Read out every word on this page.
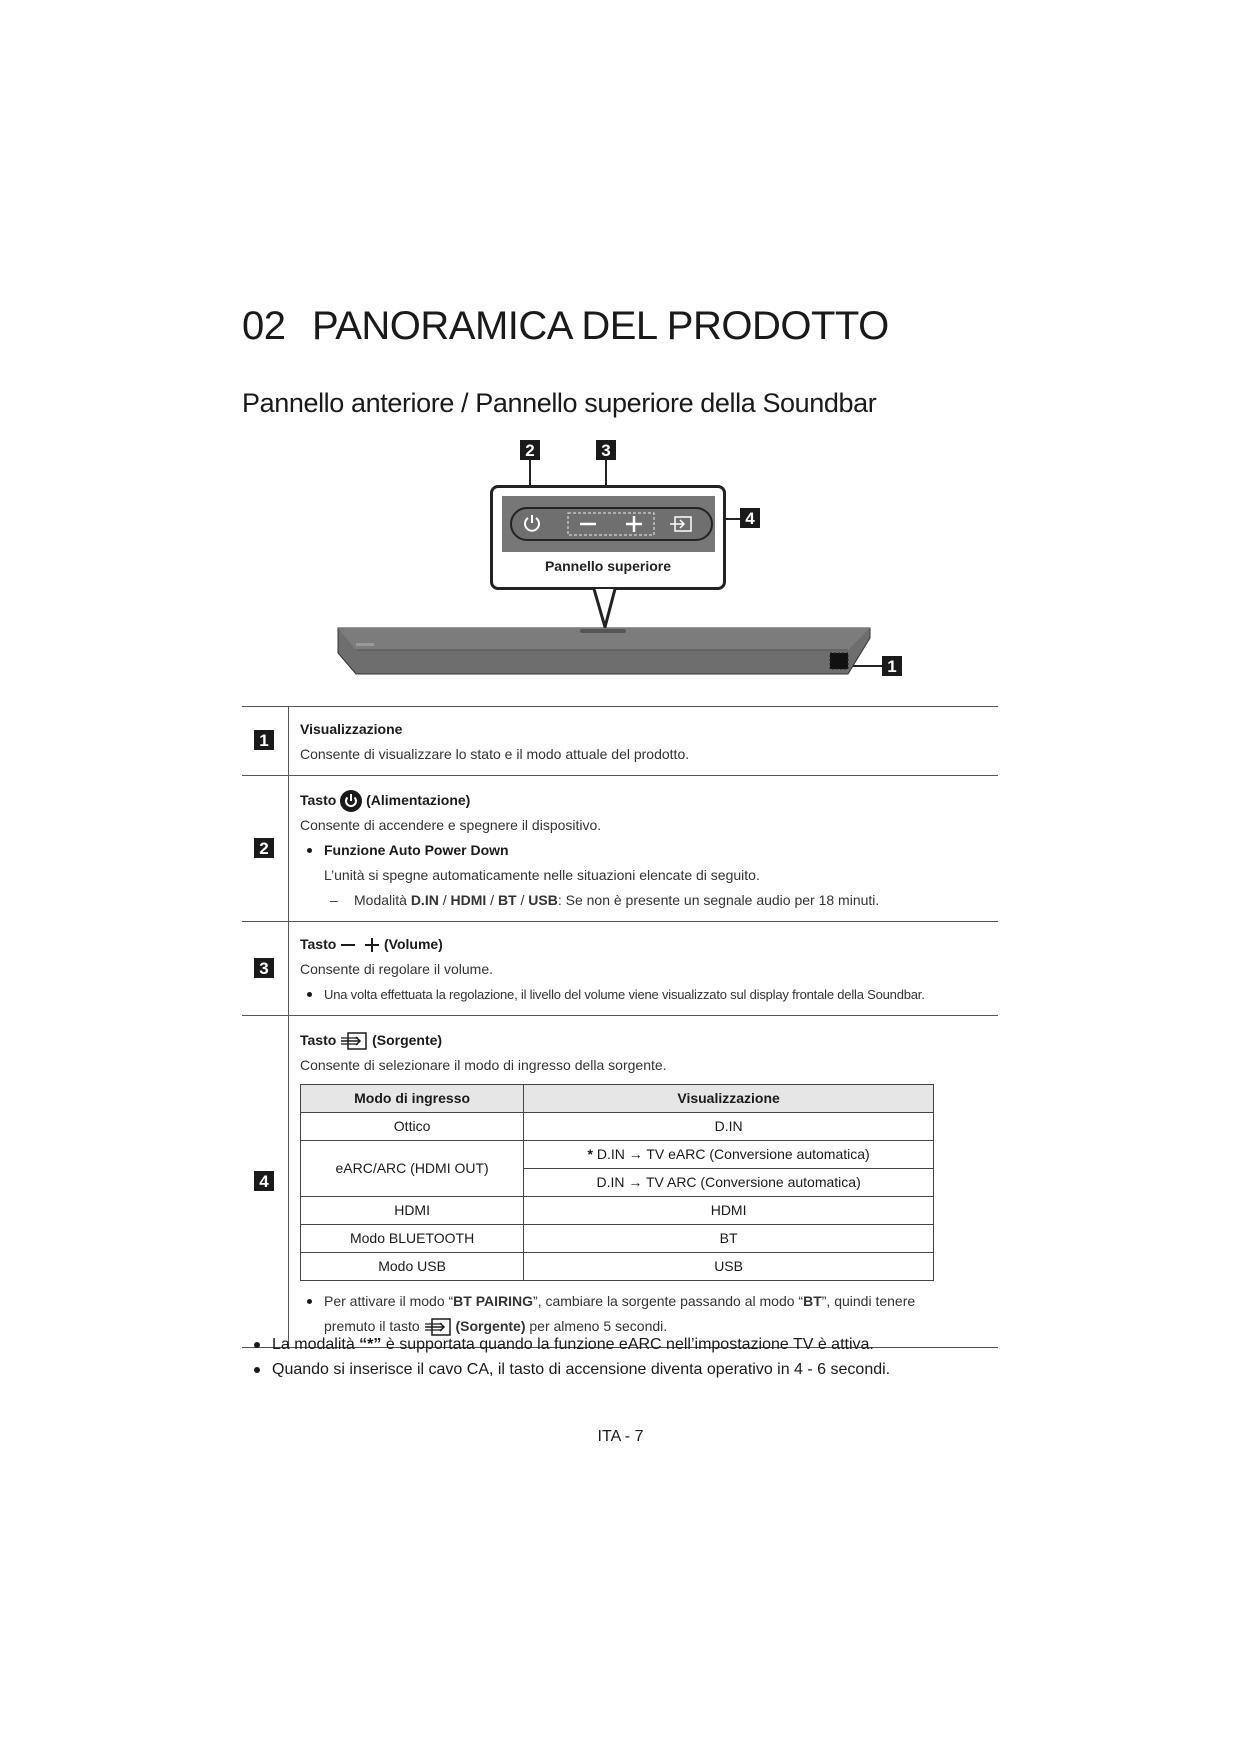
02 PANORAMICA DEL PRODOTTO
Pannello anteriore / Pannello superiore della Soundbar
2	3
4
1
Pannello superiore
1
Visualizzazione
Consente di visualizzare lo stato e il modo attuale del prodotto.
2
Tasto (Alimentazione)
Consente di accendere e spegnere il dispositivo.
Funzione Auto Power Down
L’unità si spegne automaticamente nelle situazioni elencate di seguito.
– Modalità D.IN / HDMI / BT / USB: Se non è presente un segnale audio per 18 minuti.
3
Tasto	(Volume)
Consente di regolare il volume.
Una volta effettuata la regolazione, il livello del volume viene visualizzato sul display frontale della Soundbar.
4
Tasto	(Sorgente)
Consente di selezionare il modo di ingresso della sorgente.
Modo di ingresso	Visualizzazione
Ottico	D.IN
eARC/ARC (HDMI OUT)	* D.IN → TV eARC (Conversione automatica)
	D.IN → TV ARC (Conversione automatica)
HDMI	HDMI
Modo BLUETOOTH	BT
Modo USB	USB
Per attivare il modo “BT PAIRING”, cambiare la sorgente passando al modo “BT”, quindi tenere premuto il tasto	(Sorgente) per almeno 5 secondi.
La modalità “*” è supportata quando la funzione eARC nell’impostazione TV è attiva.
Quando si inserisce il cavo CA, il tasto di accensione diventa operativo in 4 - 6 secondi.
ITA - 7
